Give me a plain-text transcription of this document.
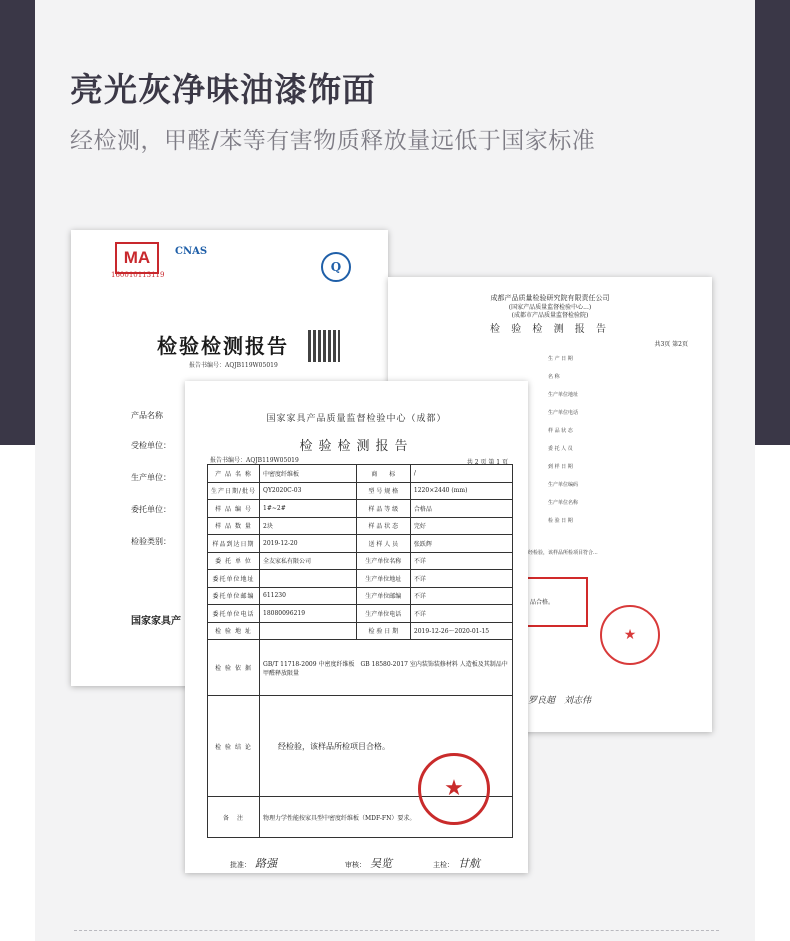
亮光灰净味油漆饰面
经检测，甲醛/苯等有害物质释放量远低于国家标准
MA
160010113119
CNAS
Q
检验检测报告
报告书编号：AQJB119W05019
产品名称
受检单位：
生产单位：
委托单位：
检验类别：
国家家具产
成都产品质量检验研究院有限责任公司
(国家产品质量监督检验中心...)
(成都市产品质量监督检验院)
检 验 检 测 报 告
共3页 第2页
生 产 日 期
名 称
生产单位地址
生产单位电话
样 品 状 态
委 托 人 员
到 样 日 期
生产单位编码
生产单位名称
检 验 日 期
经检验，该样品所检项目符合...
品合格。
★
罗良超　刘志伟
国家家具产品质量监督检验中心（成都）
检验检测报告
报告书编号：AQJB119W05019	共 2 页 第 1 页
产 品 名 称	中密度纤维板	商　　标	/
生产日期/批号	QY2020C-03	型 号 规 格	1220×2440 (mm)
样 品 编 号	1#~2#	样 品 等 级	合格品
样 品 数 量	2块	样 品 状 态	完好
样品到达日期	2019-12-20	送 样 人 员	张跃辉
委 托 单 位	全友家私有限公司	生产单位名称	不详
委托单位地址		生产单位地址	不详
委托单位邮编	611230	生产单位邮编	不详
委托单位电话	18080096219	生产单位电话	不详
检 验 地 址		检 验 日 期	2019-12-26～2020-01-15
检 验 依 据	GB/T 11718-2009 中密度纤维板　GB 18580-2017 室内装饰装修材料 人造板及其制品中甲醛释放限量		
检 验 结 论	经检验，该样品所检项目合格。		
备　注	物理力学性能按家具型中密度纤维板（MDF-FN）要求。		
★
批准： 路强	审核： 吴览	主检： 甘航
